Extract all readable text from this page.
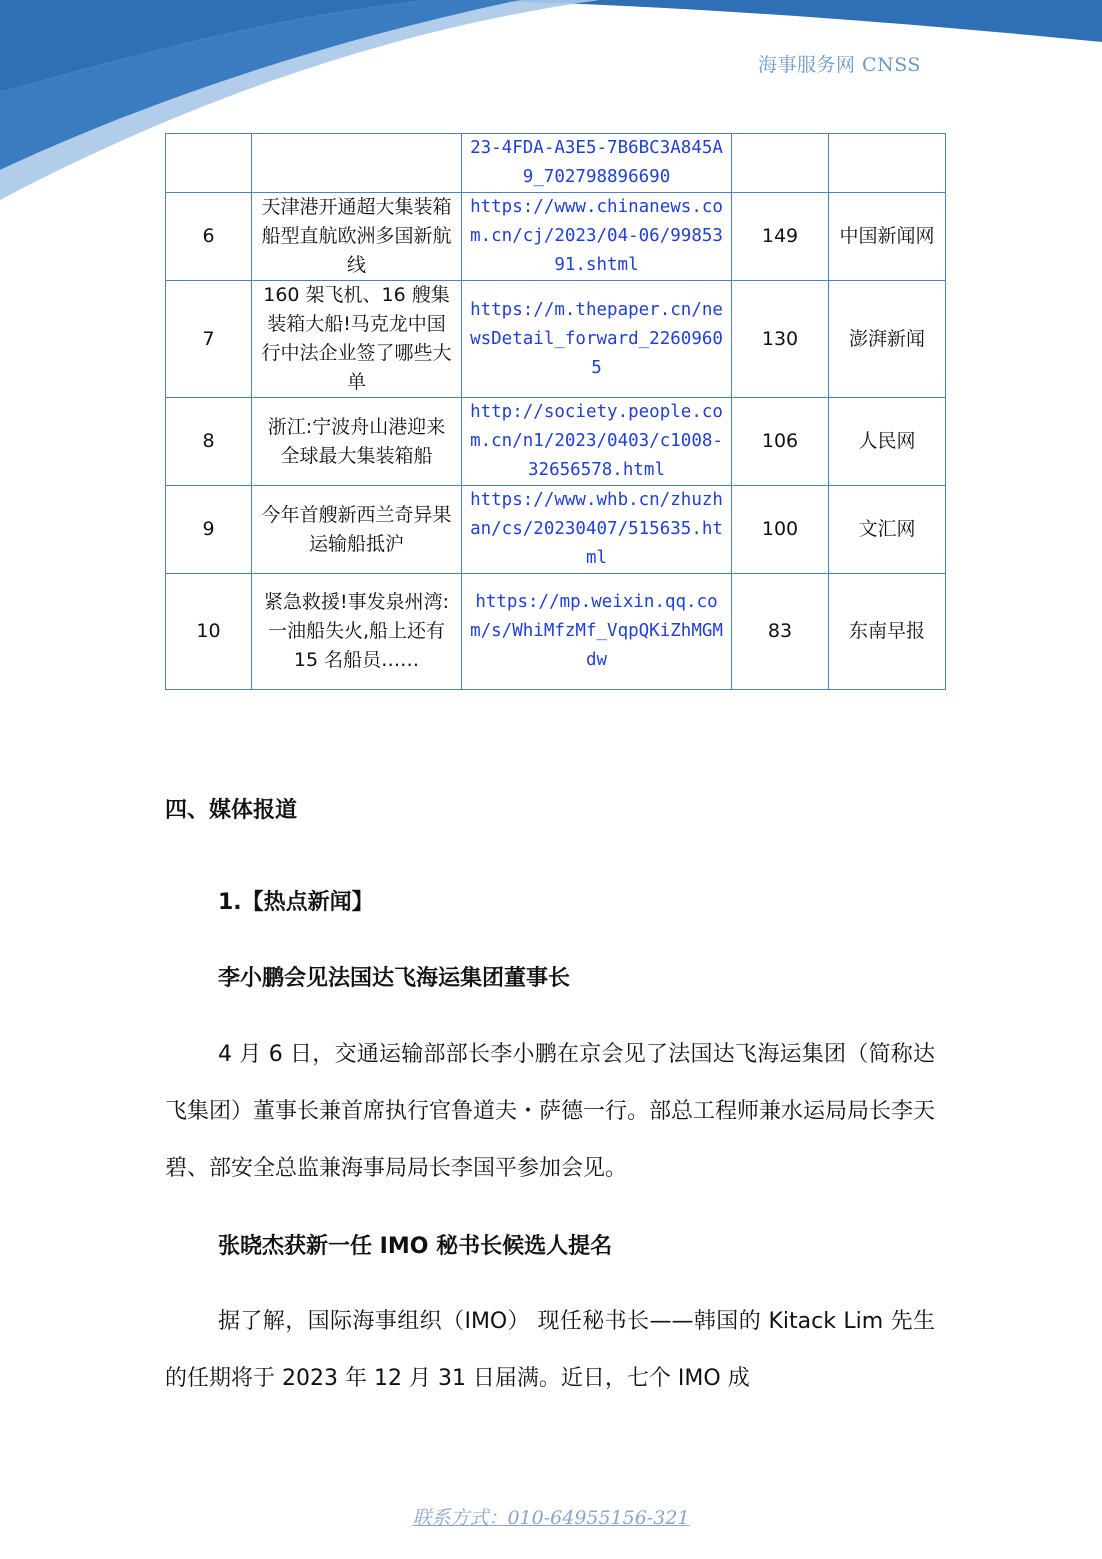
海事服务网 CNSS
		23-4FDA-A3E5-7B6BC3A845A9_702798896690		
6	天津港开通超大集装箱船型直航欧洲多国新航线	https://www.chinanews.com.cn/cj/2023/04-06/9985391.shtml	149	中国新闻网
7	160 架飞机、16 艘集装箱大船!马克龙中国行中法企业签了哪些大单	https://m.thepaper.cn/newsDetail_forward_22609605	130	澎湃新闻
8	浙江:宁波舟山港迎来全球最大集装箱船	http://society.people.com.cn/n1/2023/0403/c1008-32656578.html	106	人民网
9	今年首艘新西兰奇异果运输船抵沪	https://www.whb.cn/zhuzhan/cs/20230407/515635.html	100	文汇网
10	紧急救援!事发泉州湾:一油船失火,船上还有 15 名船员……	https://mp.weixin.qq.com/s/WhiMfzMf_VqpQKiZhMGMdw	83	东南早报
四、媒体报道
1.【热点新闻】
李小鹏会见法国达飞海运集团董事长

4 月 6 日，交通运输部部长李小鹏在京会见了法国达飞海运集团（简称达飞集团）董事长兼首席执行官鲁道夫・萨德一行。部总工程师兼水运局局长李天碧、部安全总监兼海事局局长李国平参加会见。

张晓杰获新一任 IMO 秘书长候选人提名

据了解，国际海事组织（IMO） 现任秘书长——韩国的 Kitack Lim 先生的任期将于 2023 年 12 月 31 日届满。近日，七个 IMO 成

联系方式：010-64955156-321
